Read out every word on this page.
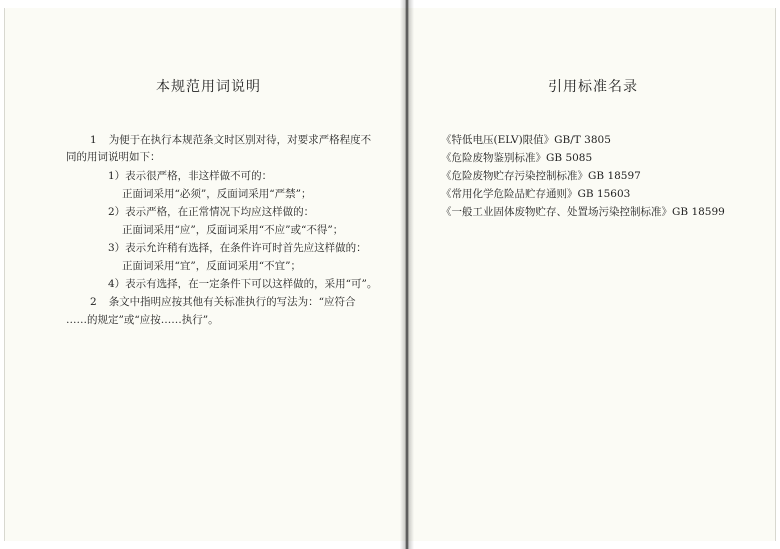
本规范用词说明
1 为便于在执行本规范条文时区别对待，对要求严格程度不
同的用词说明如下：
1）表示很严格，非这样做不可的：
正面词采用“必须”，反面词采用“严禁”；
2）表示严格，在正常情况下均应这样做的：
正面词采用“应”，反面词采用“不应”或“不得”；
3）表示允许稍有选择，在条件许可时首先应这样做的：
正面词采用“宜”，反面词采用“不宜”；
4）表示有选择，在一定条件下可以这样做的，采用“可”。
2 条文中指明应按其他有关标准执行的写法为：“应符合
……的规定”或“应按……执行”。
引用标准名录
《特低电压(ELV)限值》GB/T 3805
《危险废物鉴别标准》GB 5085
《危险废物贮存污染控制标准》GB 18597
《常用化学危险品贮存通则》GB 15603
《一般工业固体废物贮存、处置场污染控制标准》GB 18599
